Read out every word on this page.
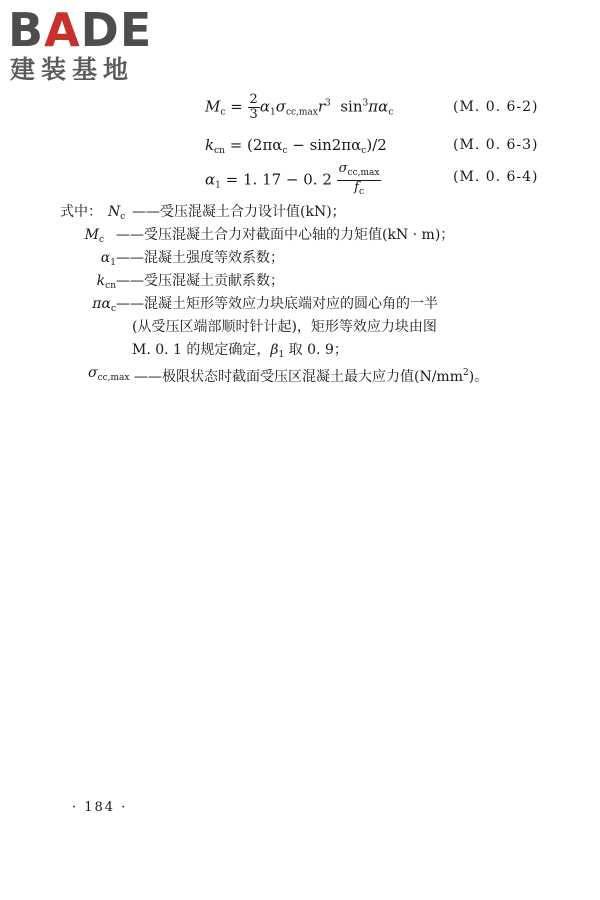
BADE
建装基地
$M_c = \frac{2}{3} \alpha_1\sigma_{cc,max}r^3$ $\sin^3\pi\alpha_c$	(M. 0. 6-2)
$k_{cn} = (2\pi\alpha_c - \sin 2\pi\alpha_c)/2$	(M. 0. 6-3)
$\alpha_1 = 1$. 17 − 0. $2 \frac{\sigma_{cc,max}}{f_c}$	(M. 0. 6-4)
式中： $N_c$ ——受压混凝土合力设计值(kN)；
$M_c$ ——受压混凝土合力对截面中心轴的力矩值(kN · m)；
$\alpha_1$ ——混凝土强度等效系数；
$k_{cn}$ ——受压混凝土贡献系数；
$\pi\alpha_c$ ——混凝土矩形等效应力块底端对应的圆心角的一半
(从受压区端部顺时针计起)，矩形等效应力块由图
M. 0. 1 的规定确定，$\beta_1$ 取 0. 9；
$\sigma_{cc,max}$ ——极限状态时截面受压区混凝土最大应力值$(N/mm^2)$。
· 184 ·
